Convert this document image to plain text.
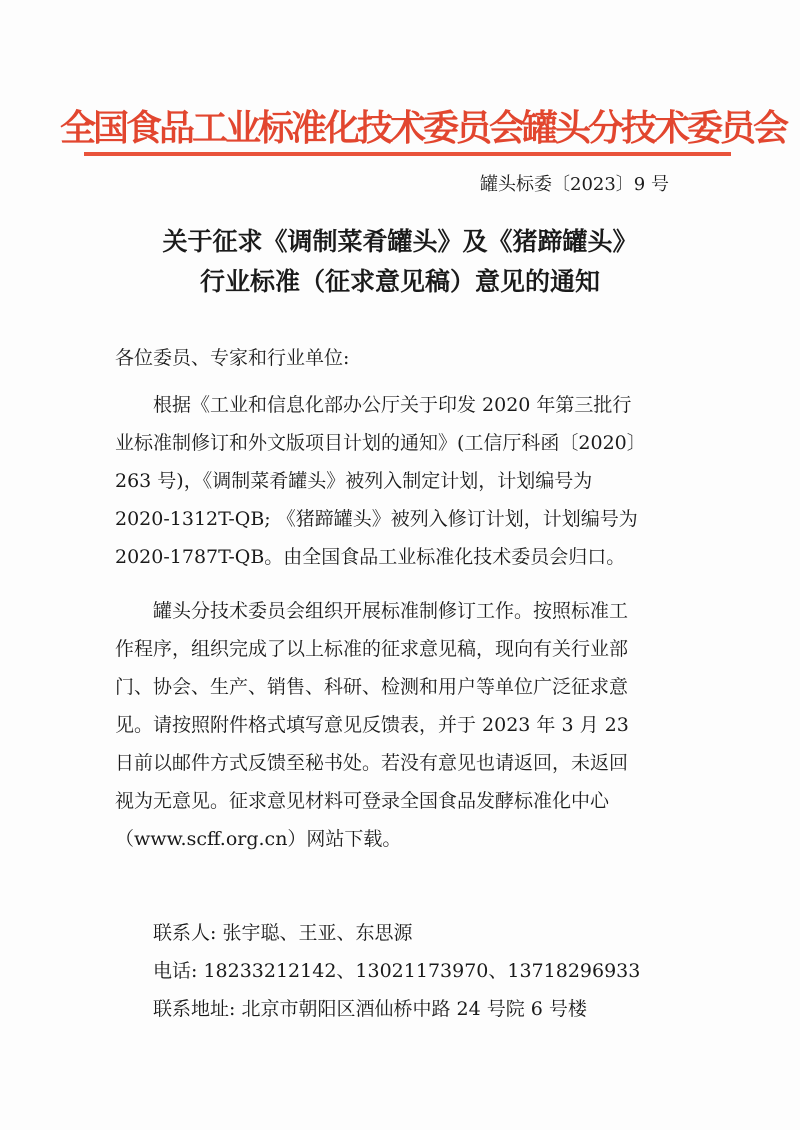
全国食品工业标准化技术委员会罐头分技术委员会
罐头标委〔2023〕9 号
关于征求《调制菜肴罐头》及《猪蹄罐头》
行业标准（征求意见稿）意见的通知
各位委员、专家和行业单位:
　　根据《工业和信息化部办公厅关于印发 2020 年第三批行
业标准制修订和外文版项目计划的通知》(工信厅科函〔2020〕
263 号)，《调制菜肴罐头》被列入制定计划，计划编号为
2020-1312T-QB; 《猪蹄罐头》被列入修订计划，计划编号为
2020-1787T-QB。由全国食品工业标准化技术委员会归口。
　　罐头分技术委员会组织开展标准制修订工作。按照标准工
作程序，组织完成了以上标准的征求意见稿，现向有关行业部
门、协会、生产、销售、科研、检测和用户等单位广泛征求意
见。请按照附件格式填写意见反馈表，并于 2023 年 3 月 23
日前以邮件方式反馈至秘书处。若没有意见也请返回，未返回
视为无意见。征求意见材料可登录全国食品发酵标准化中心
（www.scff.org.cn）网站下载。
　　联系人: 张宇聪、王亚、东思源
　　电话: 18233212142、13021173970、13718296933
　　联系地址: 北京市朝阳区酒仙桥中路 24 号院 6 号楼
